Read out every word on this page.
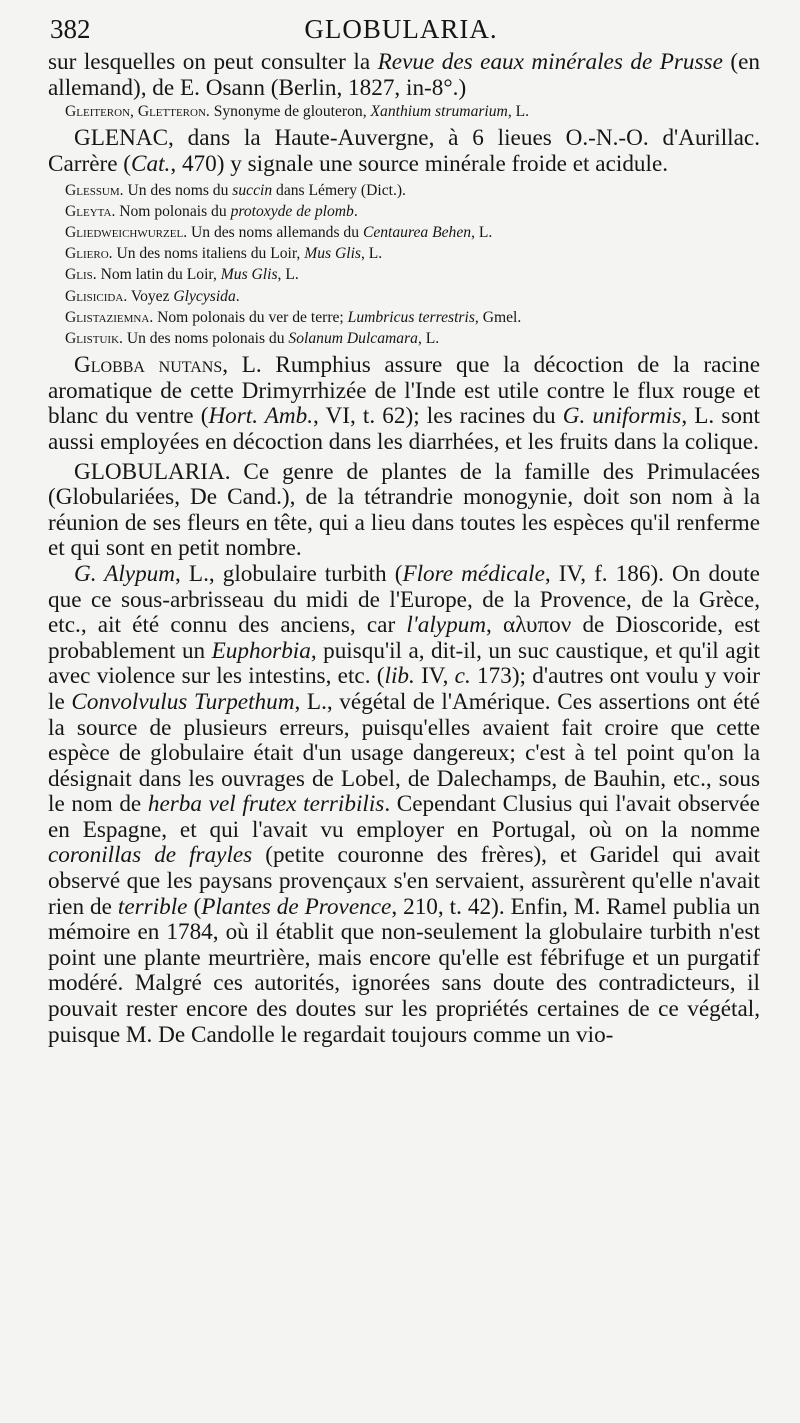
382	GLOBULARIA.

sur lesquelles on peut consulter la Revue des eaux minérales de Prusse (en allemand), de E. Osann (Berlin, 1827, in-8°.)

Gleiteron, Gletteron. Synonyme de glouteron, Xanthium strumarium, L.

GLENAC, dans la Haute-Auvergne, à 6 lieues O.-N.-O. d'Aurillac. Carrère (Cat., 470) y signale une source minérale froide et acidule.

Glessum. Un des noms du succin dans Lémery (Dict.).

Gleyta. Nom polonais du protoxyde de plomb.

Gliedweichwurzel. Un des noms allemands du Centaurea Behen, L.

Gliero. Un des noms italiens du Loir, Mus Glis, L.

Glis. Nom latin du Loir, Mus Glis, L.

Glisicida. Voyez Glycysida.

Glistaziemna. Nom polonais du ver de terre; Lumbricus terrestris, Gmel.

Glistuik. Un des noms polonais du Solanum Dulcamara, L.

Globba nutans, L. Rumphius assure que la décoction de la racine aromatique de cette Drimyrrhizée de l'Inde est utile contre le flux rouge et blanc du ventre (Hort. Amb., VI, t. 62); les racines du G. uniformis, L. sont aussi employées en décoction dans les diarrhées, et les fruits dans la colique.

GLOBULARIA. Ce genre de plantes de la famille des Primulacées (Globulariées, De Cand.), de la tétrandrie monogynie, doit son nom à la réunion de ses fleurs en tête, qui a lieu dans toutes les espèces qu'il renferme et qui sont en petit nombre.

G. Alypum, L., globulaire turbith (Flore médicale, IV, f. 186). On doute que ce sous-arbrisseau du midi de l'Europe, de la Provence, de la Grèce, etc., ait été connu des anciens, car l'alypum, αλυπον de Dioscoride, est probablement un Euphorbia, puisqu'il a, dit-il, un suc caustique, et qu'il agit avec violence sur les intestins, etc. (lib. IV, c. 173); d'autres ont voulu y voir le Convolvulus Turpethum, L., végétal de l'Amérique. Ces assertions ont été la source de plusieurs erreurs, puisqu'elles avaient fait croire que cette espèce de globulaire était d'un usage dangereux; c'est à tel point qu'on la désignait dans les ouvrages de Lobel, de Dalechamps, de Bauhin, etc., sous le nom de herba vel frutex terribilis. Cependant Clusius qui l'avait observée en Espagne, et qui l'avait vu employer en Portugal, où on la nomme coronillas de frayles (petite couronne des frères), et Garidel qui avait observé que les paysans provençaux s'en servaient, assurèrent qu'elle n'avait rien de terrible (Plantes de Provence, 210, t. 42). Enfin, M. Ramel publia un mémoire en 1784, où il établit que non-seulement la globulaire turbith n'est point une plante meurtrière, mais encore qu'elle est fébrifuge et un purgatif modéré. Malgré ces autorités, ignorées sans doute des contradicteurs, il pouvait rester encore des doutes sur les propriétés certaines de ce végétal, puisque M. De Candolle le regardait toujours comme un vio-
